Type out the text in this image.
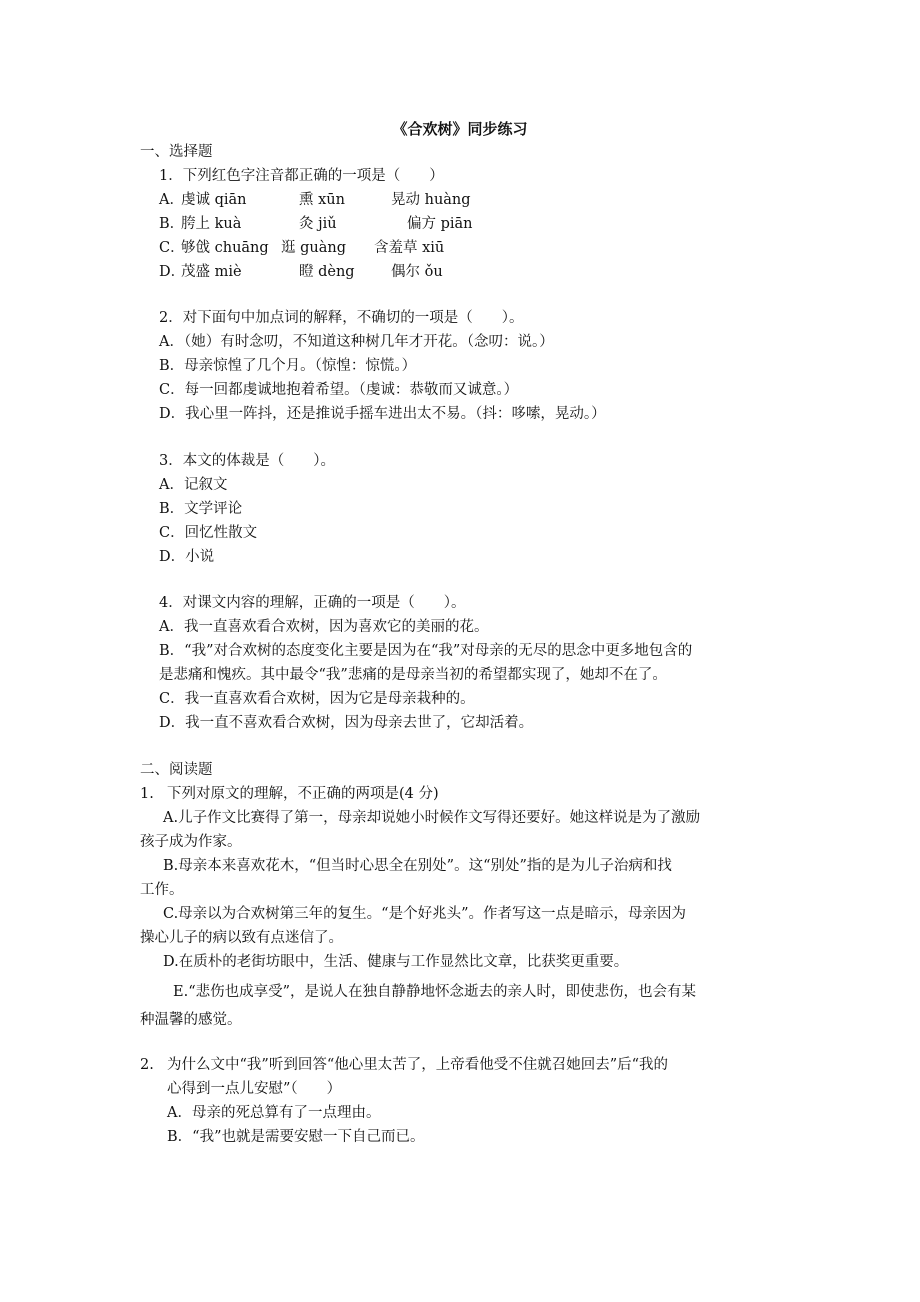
《合欢树》同步练习
一、选择题
1．下列红色字注音都正确的一项是（　　）
A．
虔诚 qiān	熏 xūn	晃动 huàng
B．
胯上 kuà	灸 jiǔ	偏方 piān
C．
够戗 chuāng 逛 guàng 含羞草 xiū
D．
茂盛 miè	瞪 dèng	偶尔 ǒu
2．对下面句中加点词的解释，不确切的一项是（　　）。
A．（她）有时念叨，不知道这种树几年才开花。（念叨：说。）
B．母亲惊惶了几个月。（惊惶：惊慌。）
C．每一回都虔诚地抱着希望。（虔诚：恭敬而又诚意。）
D．我心里一阵抖，还是推说手摇车进出太不易。（抖：哆嗦，晃动。）
3．本文的体裁是（　　）。
A．记叙文
B．文学评论
C．回忆性散文
D．小说
4．对课文内容的理解，正确的一项是（　　）。
A．我一直喜欢看合欢树，因为喜欢它的美丽的花。
B．“我”对合欢树的态度变化主要是因为在“我”对母亲的无尽的思念中更多地包含的
是悲痛和愧疚。其中最令“我”悲痛的是母亲当初的希望都实现了，她却不在了。
C．我一直喜欢看合欢树，因为它是母亲栽种的。
D．我一直不喜欢看合欢树，因为母亲去世了，它却活着。
二、阅读题
1. 下列对原文的理解，不正确的两项是(4 分)
A.儿子作文比赛得了第一，母亲却说她小时候作文写得还要好。她这样说是为了激励
孩子成为作家。
B.母亲本来喜欢花木，“但当时心思全在别处”。这“别处”指的是为儿子治病和找
工作。
C.母亲以为合欢树第三年的复生。“是个好兆头”。作者写这一点是暗示，母亲因为
操心儿子的病以致有点迷信了。
D.在质朴的老街坊眼中，生活、健康与工作显然比文章，比获奖更重要。
E.“悲伤也成享受”，是说人在独自静静地怀念逝去的亲人时，即使悲伤，也会有某
种温馨的感觉。
2. 为什么文中“我”听到回答“他心里太苦了，上帝看他受不住就召她回去”后“我的
心得到一点儿安慰”（　　）
A．母亲的死总算有了一点理由。
B．“我”也就是需要安慰一下自己而已。
